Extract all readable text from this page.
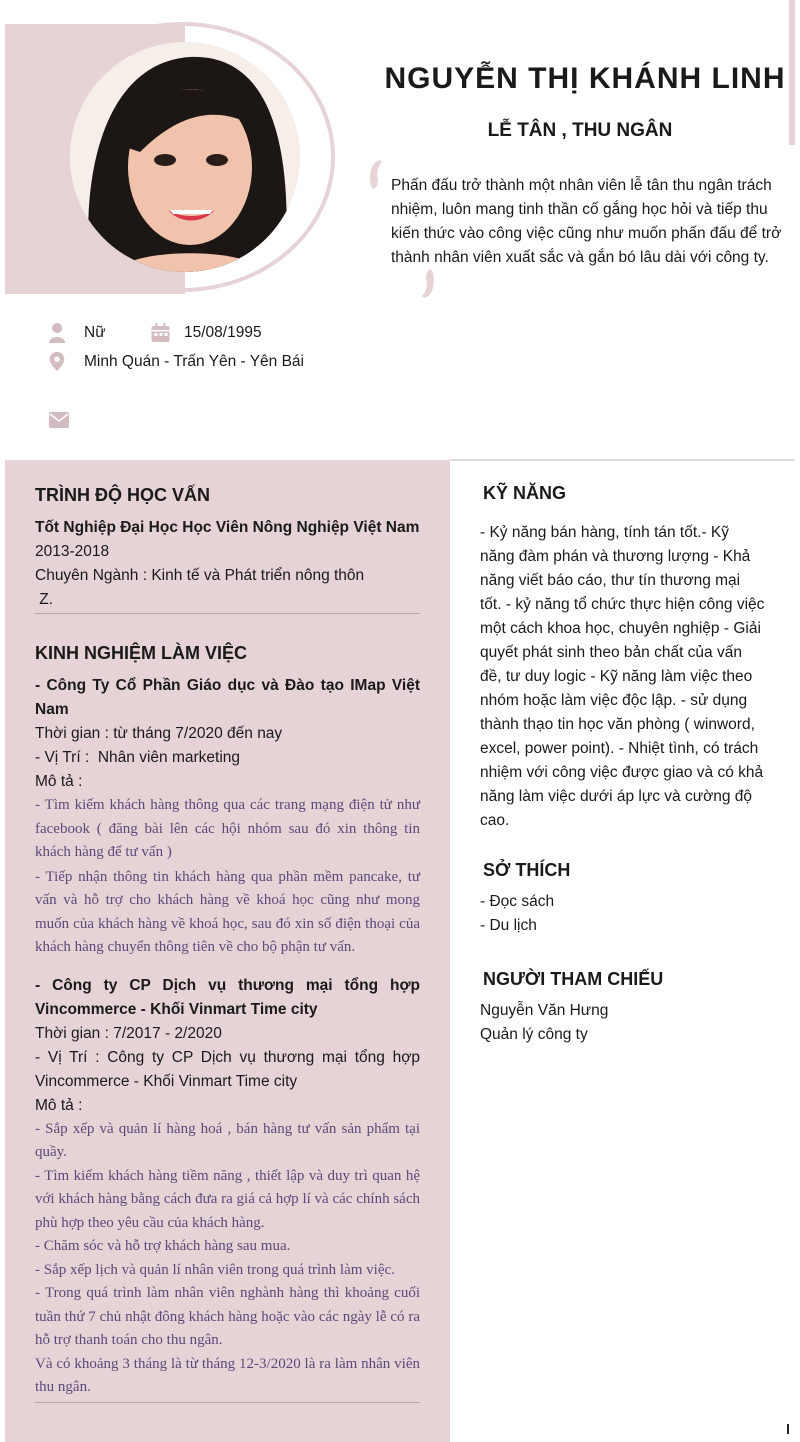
NGUYỄN THỊ KHÁNH LINH
LỄ TÂN , THU NGÂN
Phấn đấu trở thành một nhân viên lễ tân thu ngân trách nhiệm, luôn mang tinh thần cố gắng học hỏi và tiếp thu kiến thức vào công việc cũng như muốn phấn đấu để trở thành nhân viên xuất sắc và gắn bó lâu dài với công ty.
Nữ	15/08/1995
Minh Quán - Trấn Yên - Yên Bái
TRÌNH ĐỘ HỌC VẤN
Tốt Nghiệp Đại Học Học Viên Nông Nghiệp Việt Nam
2013-2018
Chuyên Ngành : Kinh tế và Phát triển nông thôn
Z.
KINH NGHIỆM LÀM VIỆC
- Công Ty Cổ Phần Giáo dục và Đào tạo IMap Việt Nam
Thời gian : từ tháng 7/2020 đến nay
- Vị Trí :  Nhân viên marketing
Mô tả :
- Tìm kiếm khách hàng thông qua các trang mạng điện tử như facebook ( đăng bài lên các hội nhóm sau đó xin thông tin khách hàng để tư vấn )
- Tiếp nhận thông tin khách hàng qua phần mềm pancake, tư vấn và hỗ trợ cho khách hàng về khoá học cũng như mong muốn của khách hàng về khoá học, sau đó xin số điện thoại của khách hàng chuyển thông tiên về cho bộ phận tư vấn.
- Công ty CP Dịch vụ thương mại tổng hợp Vincommerce - Khối Vinmart Time city
Thời gian : 7/2017 - 2/2020
- Vị Trí : Công ty CP Dịch vụ thương mại tổng hợp Vincommerce - Khối Vinmart Time city
Mô tả :
- Sắp xếp và quản lí hàng hoá , bán hàng tư vấn sản phẩm tại quầy.
- Tìm kiếm khách hàng tiềm năng , thiết lập và duy trì quan hệ với khách hàng bằng cách đưa ra giá cả hợp lí và các chính sách phù hợp theo yêu cầu của khách hàng.
- Chăm sóc và hỗ trợ khách hàng sau mua.
- Sắp xếp lịch và quản lí nhân viên trong quá trình làm việc.
- Trong quá trình làm nhân viên nghành hàng thì khoảng cuối tuần thứ 7 chủ nhật đông khách hàng hoặc vào các ngày lễ có ra hỗ trợ thanh toán cho thu ngân.
Và có khoảng 3 tháng là từ tháng 12-3/2020 là ra làm nhân viên thu ngân.
KỸ NĂNG
- Kỷ năng bán hàng, tính tán tốt.- Kỹ năng đàm phán và thương lượng - Khả năng viết báo cáo, thư tín thương mại tốt. - kỷ năng tổ chức thực hiện công việc một cách khoa học, chuyên nghiệp - Giải quyết phát sinh theo bản chất của vấn đề, tư duy logic - Kỹ năng làm việc theo nhóm hoặc làm việc độc lập. - sử dụng thành thạo tin học văn phòng ( winword, excel, power point). - Nhiệt tình, có trách nhiệm với công việc được giao và có khả năng làm việc dưới áp lực và cường độ cao.
SỞ THÍCH
- Đọc sách
- Du lịch
NGƯỜI THAM CHIẾU
Nguyễn Văn Hưng
Quản lý công ty
